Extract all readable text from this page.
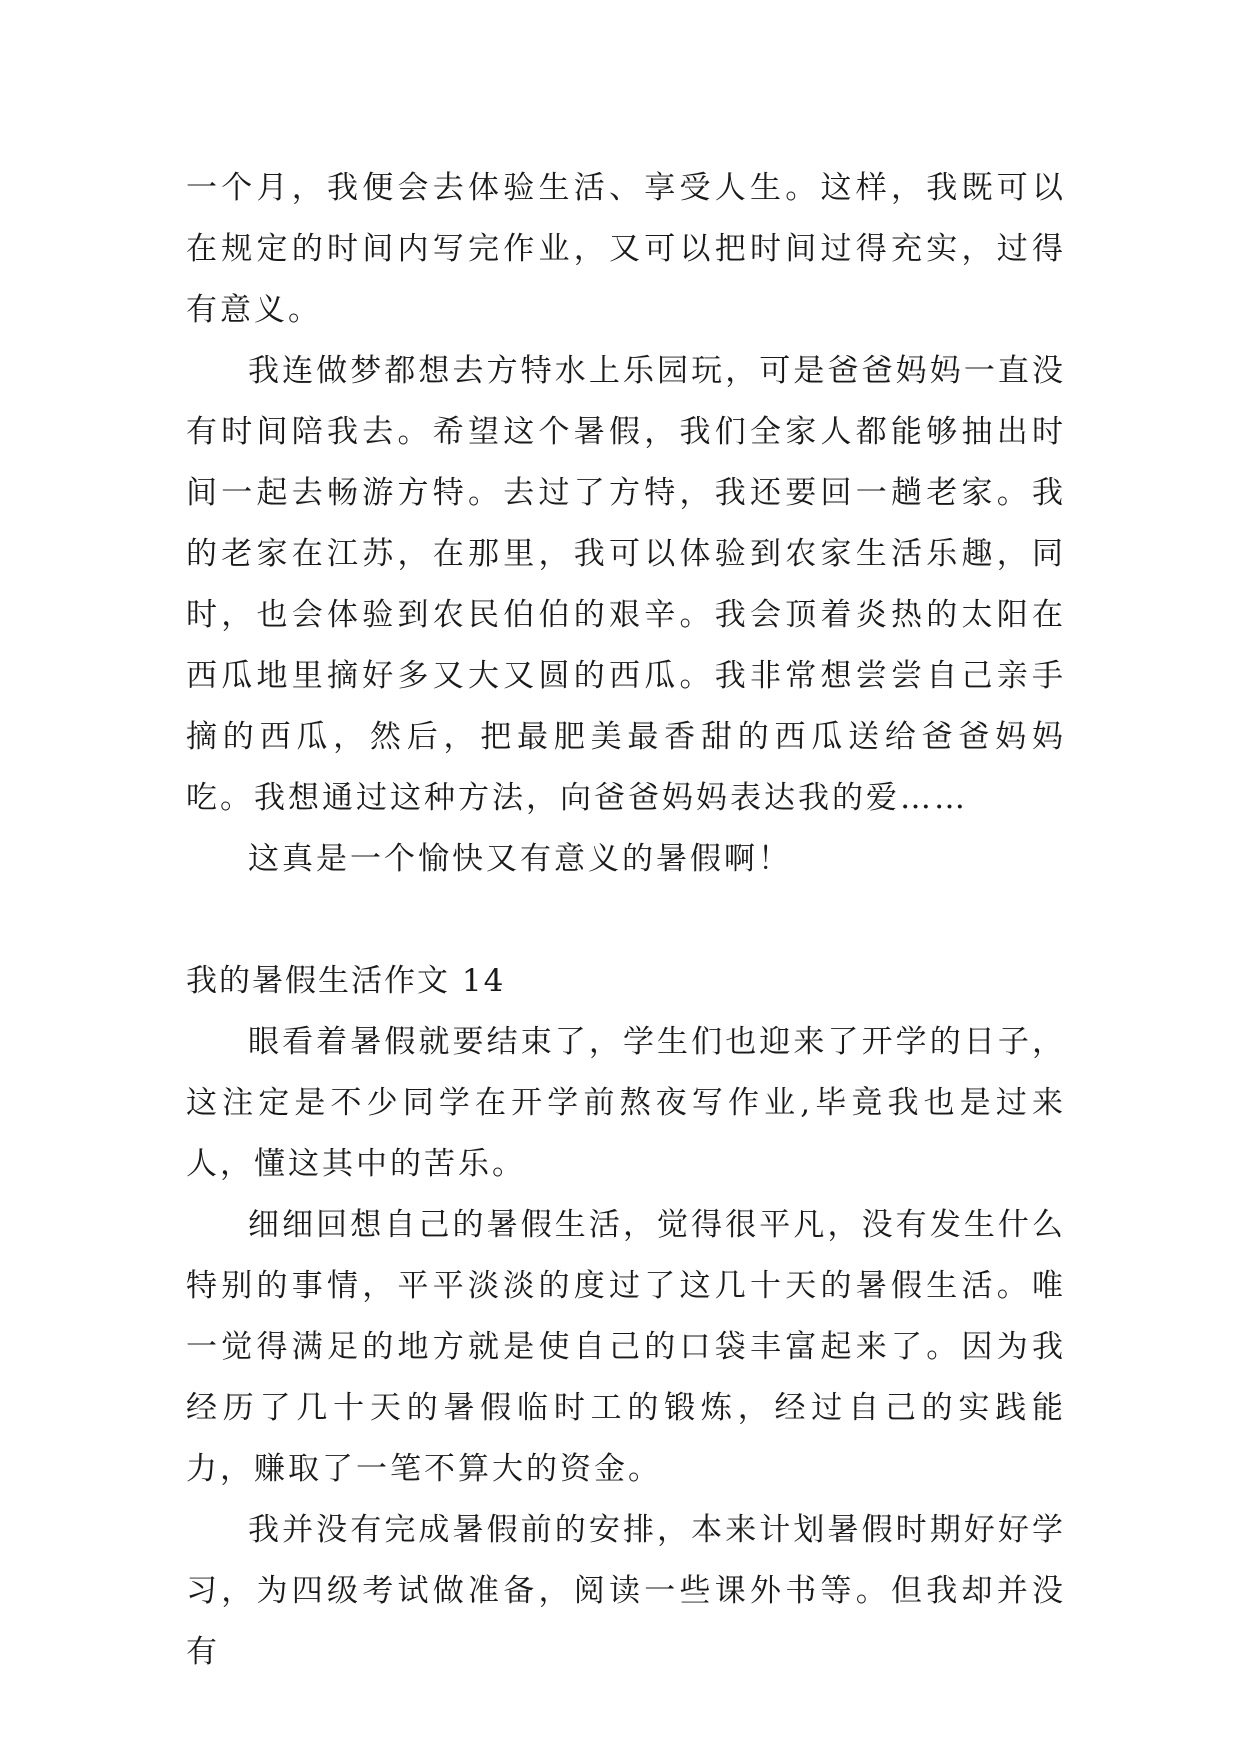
一个月，我便会去体验生活、享受人生。这样，我既可以在规定的时间内写完作业，又可以把时间过得充实，过得有意义。

我连做梦都想去方特水上乐园玩，可是爸爸妈妈一直没有时间陪我去。希望这个暑假，我们全家人都能够抽出时间一起去畅游方特。去过了方特，我还要回一趟老家。我的老家在江苏，在那里，我可以体验到农家生活乐趣，同时，也会体验到农民伯伯的艰辛。我会顶着炎热的太阳在西瓜地里摘好多又大又圆的西瓜。我非常想尝尝自己亲手摘的西瓜，然后，把最肥美最香甜的西瓜送给爸爸妈妈吃。我想通过这种方法，向爸爸妈妈表达我的爱……

这真是一个愉快又有意义的暑假啊！

我的暑假生活作文 14

眼看着暑假就要结束了，学生们也迎来了开学的日子，这注定是不少同学在开学前熬夜写作业,毕竟我也是过来人，懂这其中的苦乐。

细细回想自己的暑假生活，觉得很平凡，没有发生什么特别的事情，平平淡淡的度过了这几十天的暑假生活。唯一觉得满足的地方就是使自己的口袋丰富起来了。因为我经历了几十天的暑假临时工的锻炼，经过自己的实践能力，赚取了一笔不算大的资金。

我并没有完成暑假前的安排，本来计划暑假时期好好学习，为四级考试做准备，阅读一些课外书等。但我却并没有
